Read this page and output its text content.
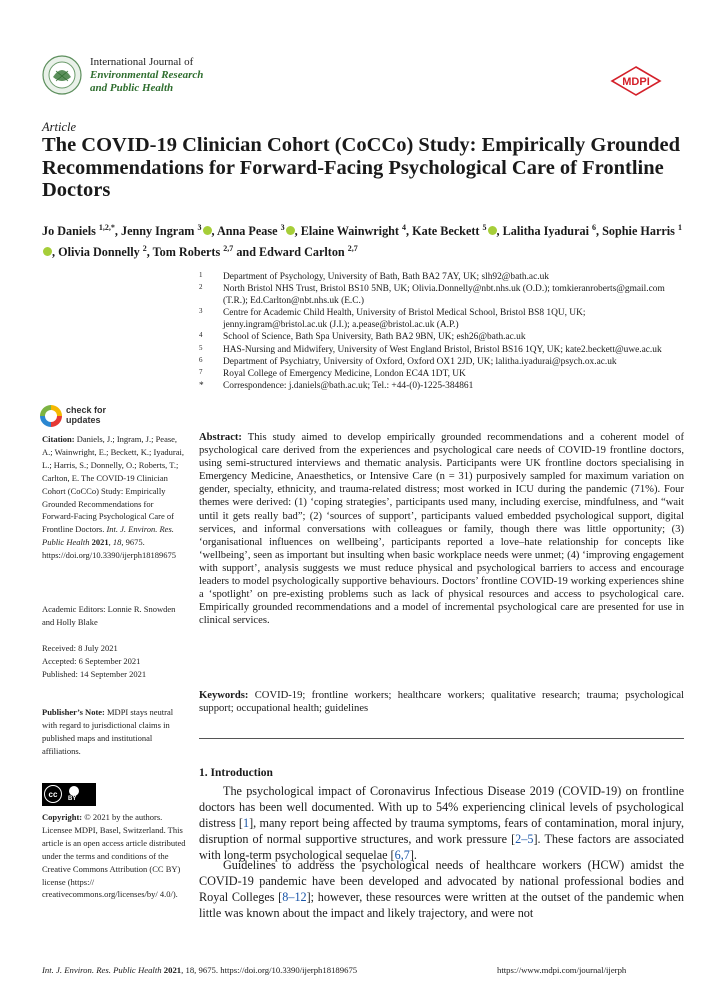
International Journal of
Environmental Research
and Public Health	MDPI
Article
The COVID-19 Clinician Cohort (CoCCo) Study: Empirically Grounded Recommendations for Forward-Facing Psychological Care of Frontline Doctors
Jo Daniels $^{1,2,*}$, Jenny Ingram $^3$ , Anna Pease $^3$ , Elaine Wainwright $^4$, Kate Beckett $^5$ , Lalitha Iyadurai $^6$, Sophie Harris $^1$, Olivia Donnelly $^2$, Tom Roberts $^{2,7}$ and Edward Carlton $^{2,7}$
1 Department of Psychology, University of Bath, Bath BA2 7AY, UK; slh92@bath.ac.uk
2 North Bristol NHS Trust, Bristol BS10 5NB, UK; Olivia.Donnelly@nbt.nhs.uk (O.D.); tomkieranroberts@gmail.com (T.R.); Ed.Carlton@nbt.nhs.uk (E.C.)
3 Centre for Academic Child Health, University of Bristol Medical School, Bristol BS8 1QU, UK; jenny.ingram@bristol.ac.uk (J.I.); a.pease@bristol.ac.uk (A.P.)
4 School of Science, Bath Spa University, Bath BA2 9BN, UK; esh26@bath.ac.uk
5 HAS-Nursing and Midwifery, University of West England Bristol, Bristol BS16 1QY, UK; kate2.beckett@uwe.ac.uk
6 Department of Psychiatry, University of Oxford, Oxford OX1 2JD, UK; lalitha.iyadurai@psych.ox.ac.uk
7 Royal College of Emergency Medicine, London EC4A 1DT, UK
* Correspondence: j.daniels@bath.ac.uk; Tel.: +44-(0)-1225-384861
check for
updates
Citation: Daniels, J.; Ingram, J.; Pease, A.; Wainwright, E.; Beckett, K.; Iyadurai, L.; Harris, S.; Donnelly, O.; Roberts, T.; Carlton, E. The COVID-19 Clinician Cohort (CoCCo) Study: Empirically Grounded Recommendations for Forward-Facing Psychological Care of Frontline Doctors. Int. J. Environ. Res. Public Health 2021, 18, 9675. https://doi.org/10.3390/ijerph18189675
Academic Editors: Lonnie R. Snowden and Holly Blake
Received: 8 July 2021
Accepted: 6 September 2021
Published: 14 September 2021
Publisher’s Note: MDPI stays neutral with regard to jurisdictional claims in published maps and institutional affiliations.
cc	BY
Copyright: © 2021 by the authors. Licensee MDPI, Basel, Switzerland. This article is an open access article distributed under the terms and conditions of the Creative Commons Attribution (CC BY) license (https:// creativecommons.org/licenses/by/ 4.0/).
Abstract: This study aimed to develop empirically grounded recommendations and a coherent model of psychological care derived from the experiences and psychological care needs of COVID-19 frontline doctors, using semi-structured interviews and thematic analysis. Participants were UK frontline doctors specialising in Emergency Medicine, Anaesthetics, or Intensive Care (n = 31) purposively sampled for maximum variation on gender, specialty, ethnicity, and trauma-related distress; most worked in ICU during the pandemic (71%). Four themes were derived: (1) ‘coping strategies’, participants used many, including exercise, mindfulness, and “wait until it gets really bad”; (2) ‘sources of support’, participants valued embedded psychological support, digital services, and informal conversations with colleagues or family, though there was little opportunity; (3) ‘organisational influences on wellbeing’, participants reported a love–hate relationship for concepts like ‘wellbeing’, seen as important but insulting when basic workplace needs were unmet; (4) ‘improving engagement with support’, analysis suggests we must reduce physical and psychological barriers to access and encourage leaders to model psychologically supportive behaviours. Doctors’ frontline COVID-19 working experiences shine a ‘spotlight’ on pre-existing problems such as lack of physical resources and access to psychological care. Empirically grounded recommendations and a model of incremental psychological care are presented for use in clinical services.
Keywords: COVID-19; frontline workers; healthcare workers; qualitative research; trauma; psychological support; occupational health; guidelines
1. Introduction
The psychological impact of Coronavirus Infectious Disease 2019 (COVID-19) on frontline doctors has been well documented. With up to 54% experiencing clinical levels of psychological distress [1], many report being affected by trauma symptoms, fears of contamination, moral injury, disruption of normal supportive structures, and work pressure [2–5]. These factors are associated with long-term psychological sequelae [6,7].
Guidelines to address the psychological needs of healthcare workers (HCW) amidst the COVID-19 pandemic have been developed and advocated by national professional bodies and Royal Colleges [8–12]; however, these resources were written at the outset of the pandemic when little was known about the impact and likely trajectory, and were not
Int. J. Environ. Res. Public Health 2021, 18, 9675. https://doi.org/10.3390/ijerph18189675	https://www.mdpi.com/journal/ijerph
